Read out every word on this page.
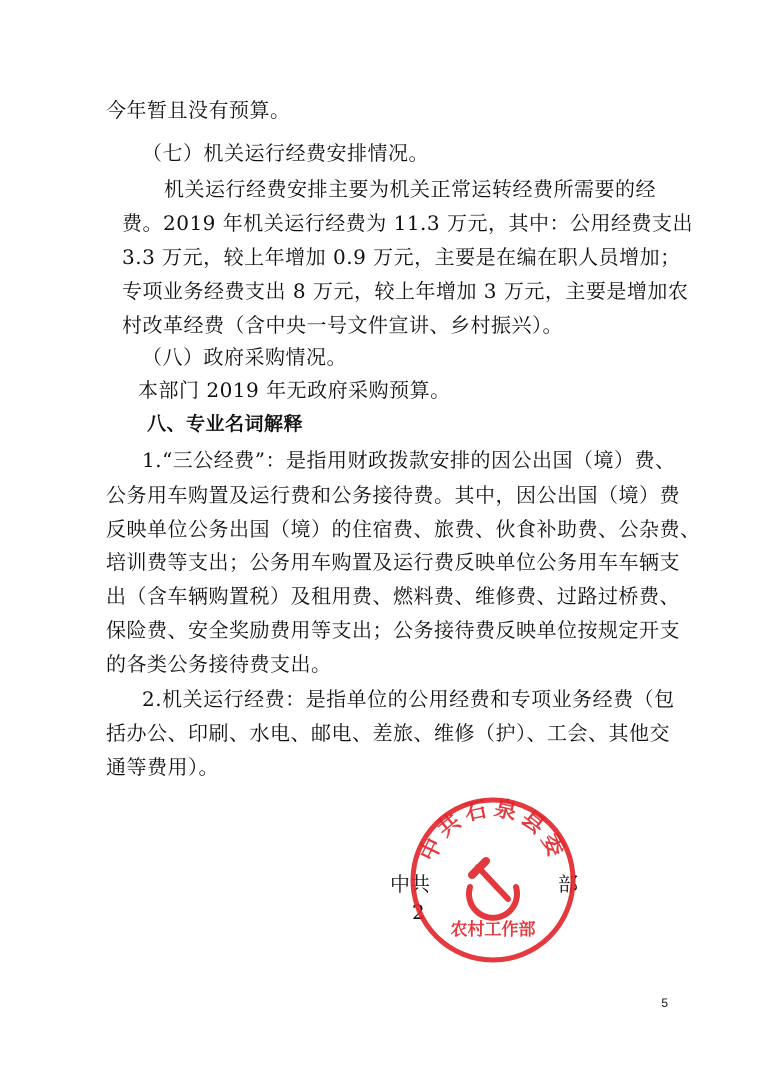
今年暂且没有预算。
（七）机关运行经费安排情况。
机关运行经费安排主要为机关正常运转经费所需要的经
费。2019 年机关运行经费为 11.3 万元，其中：公用经费支出
3.3 万元，较上年增加 0.9 万元，主要是在编在职人员增加；
专项业务经费支出 8 万元，较上年增加 3 万元，主要是增加农
村改革经费（含中央一号文件宣讲、乡村振兴）。
（八）政府采购情况。
本部门 2019 年无政府采购预算。
八、专业名词解释
1.“三公经费”：是指用财政拨款安排的因公出国（境）费、
公务用车购置及运行费和公务接待费。其中，因公出国（境）费
反映单位公务出国（境）的住宿费、旅费、伙食补助费、公杂费、
培训费等支出；公务用车购置及运行费反映单位公务用车车辆支
出（含车辆购置税）及租用费、燃料费、维修费、过路过桥费、
保险费、安全奖励费用等支出；公务接待费反映单位按规定开支
的各类公务接待费支出。
2.机关运行经费：是指单位的公用经费和专项业务经费（包
括办公、印刷、水电、邮电、差旅、维修（护）、工会、其他交
通等费用）。
中共	部
2
中共石泉县委
农村工作部
5
